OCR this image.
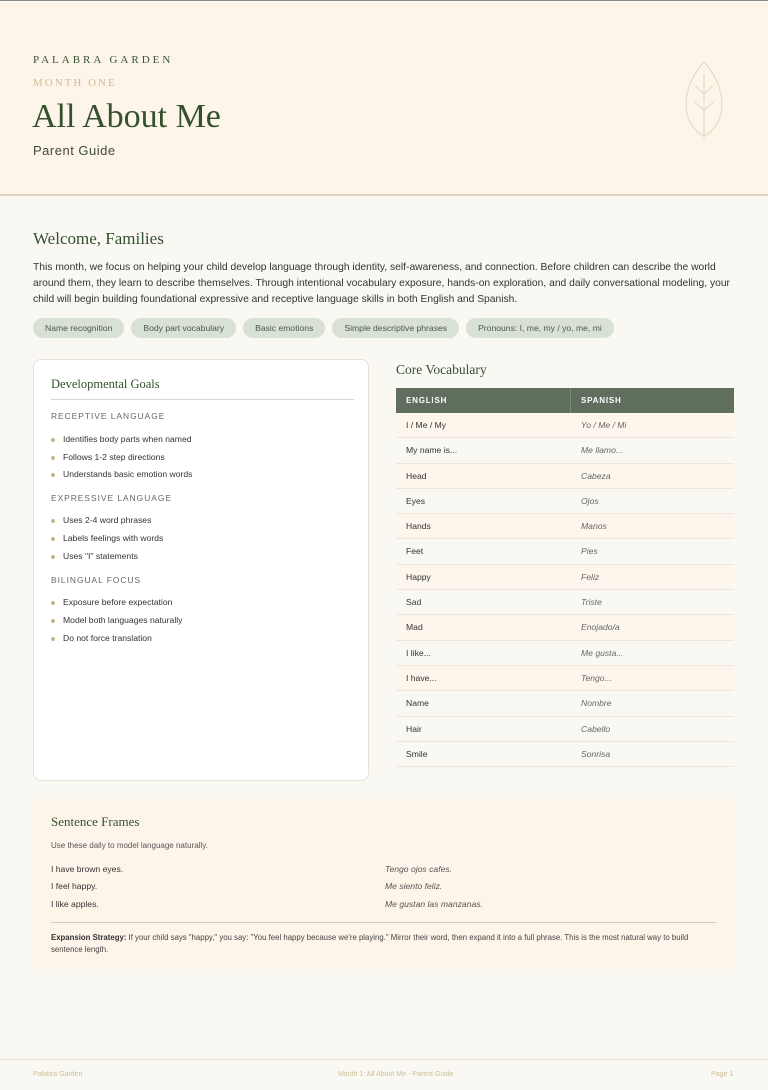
PALABRA GARDEN
MONTH ONE
All About Me
Parent Guide
Welcome, Families
This month, we focus on helping your child develop language through identity, self-awareness, and connection. Before children can describe the world around them, they learn to describe themselves. Through intentional vocabulary exposure, hands-on exploration, and daily conversational modeling, your child will begin building foundational expressive and receptive language skills in both English and Spanish.
Name recognition	Body part vocabulary	Basic emotions	Simple descriptive phrases	Pronouns: I, me, my / yo, me, mi
Developmental Goals
RECEPTIVE LANGUAGE
Identifies body parts when named
Follows 1-2 step directions
Understands basic emotion words
EXPRESSIVE LANGUAGE
Uses 2-4 word phrases
Labels feelings with words
Uses "I" statements
BILINGUAL FOCUS
Exposure before expectation
Model both languages naturally
Do not force translation
Core Vocabulary
ENGLISH	SPANISH
I / Me / My	Yo / Me / Mi
My name is...	Me llamo...
Head	Cabeza
Eyes	Ojos
Hands	Manos
Feet	Pies
Happy	Feliz
Sad	Triste
Mad	Enojado/a
I like...	Me gusta...
I have...	Tengo...
Name	Nombre
Hair	Cabello
Smile	Sonrisa
Sentence Frames
Use these daily to model language naturally.
I have brown eyes.	Tengo ojos cafes.
I feel happy.	Me siento feliz.
I like apples.	Me gustan las manzanas.
Expansion Strategy: If your child says "happy," you say: "You feel happy because we're playing." Mirror their word, then expand it into a full phrase. This is the most natural way to build sentence length.
Palabra Garden	Month 1: All About Me - Parent Guide	Page 1
